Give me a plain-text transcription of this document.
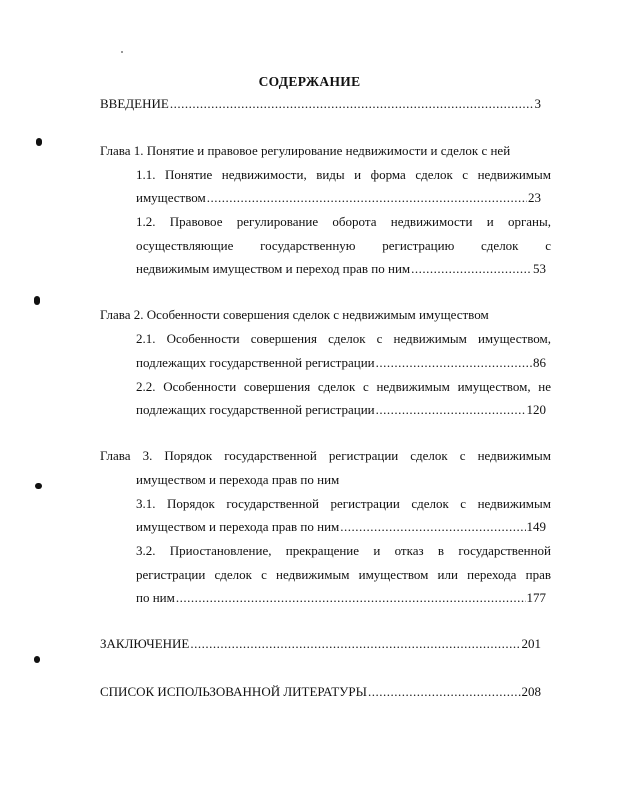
СОДЕРЖАНИЕ
ВВЕДЕНИЕ .....	3
Глава 1. Понятие и правовое регулирование недвижимости и сделок с ней
1.1. Понятие недвижимости, виды и форма сделок с недвижимым
имуществом .....	23
1.2. Правовое регулирование оборота недвижимости и органы,
осуществляющие государственную регистрацию сделок с
недвижимым имуществом и переход прав по ним .....	53
Глава 2. Особенности совершения сделок с недвижимым имуществом
2.1. Особенности совершения сделок с недвижимым имуществом,
подлежащих государственной регистрации .....	86
2.2. Особенности совершения сделок с недвижимым имуществом, не
подлежащих государственной регистрации .....	120
Глава 3. Порядок государственной регистрации сделок с недвижимым
имуществом и перехода прав по ним
3.1. Порядок государственной регистрации сделок с недвижимым
имуществом и перехода прав по ним .....	149
3.2. Приостановление, прекращение и отказ в государственной
регистрации сделок с недвижимым имуществом или перехода прав
по ним .....	177
ЗАКЛЮЧЕНИЕ .....	201
СПИСОК ИСПОЛЬЗОВАННОЙ ЛИТЕРАТУРЫ .....	208
